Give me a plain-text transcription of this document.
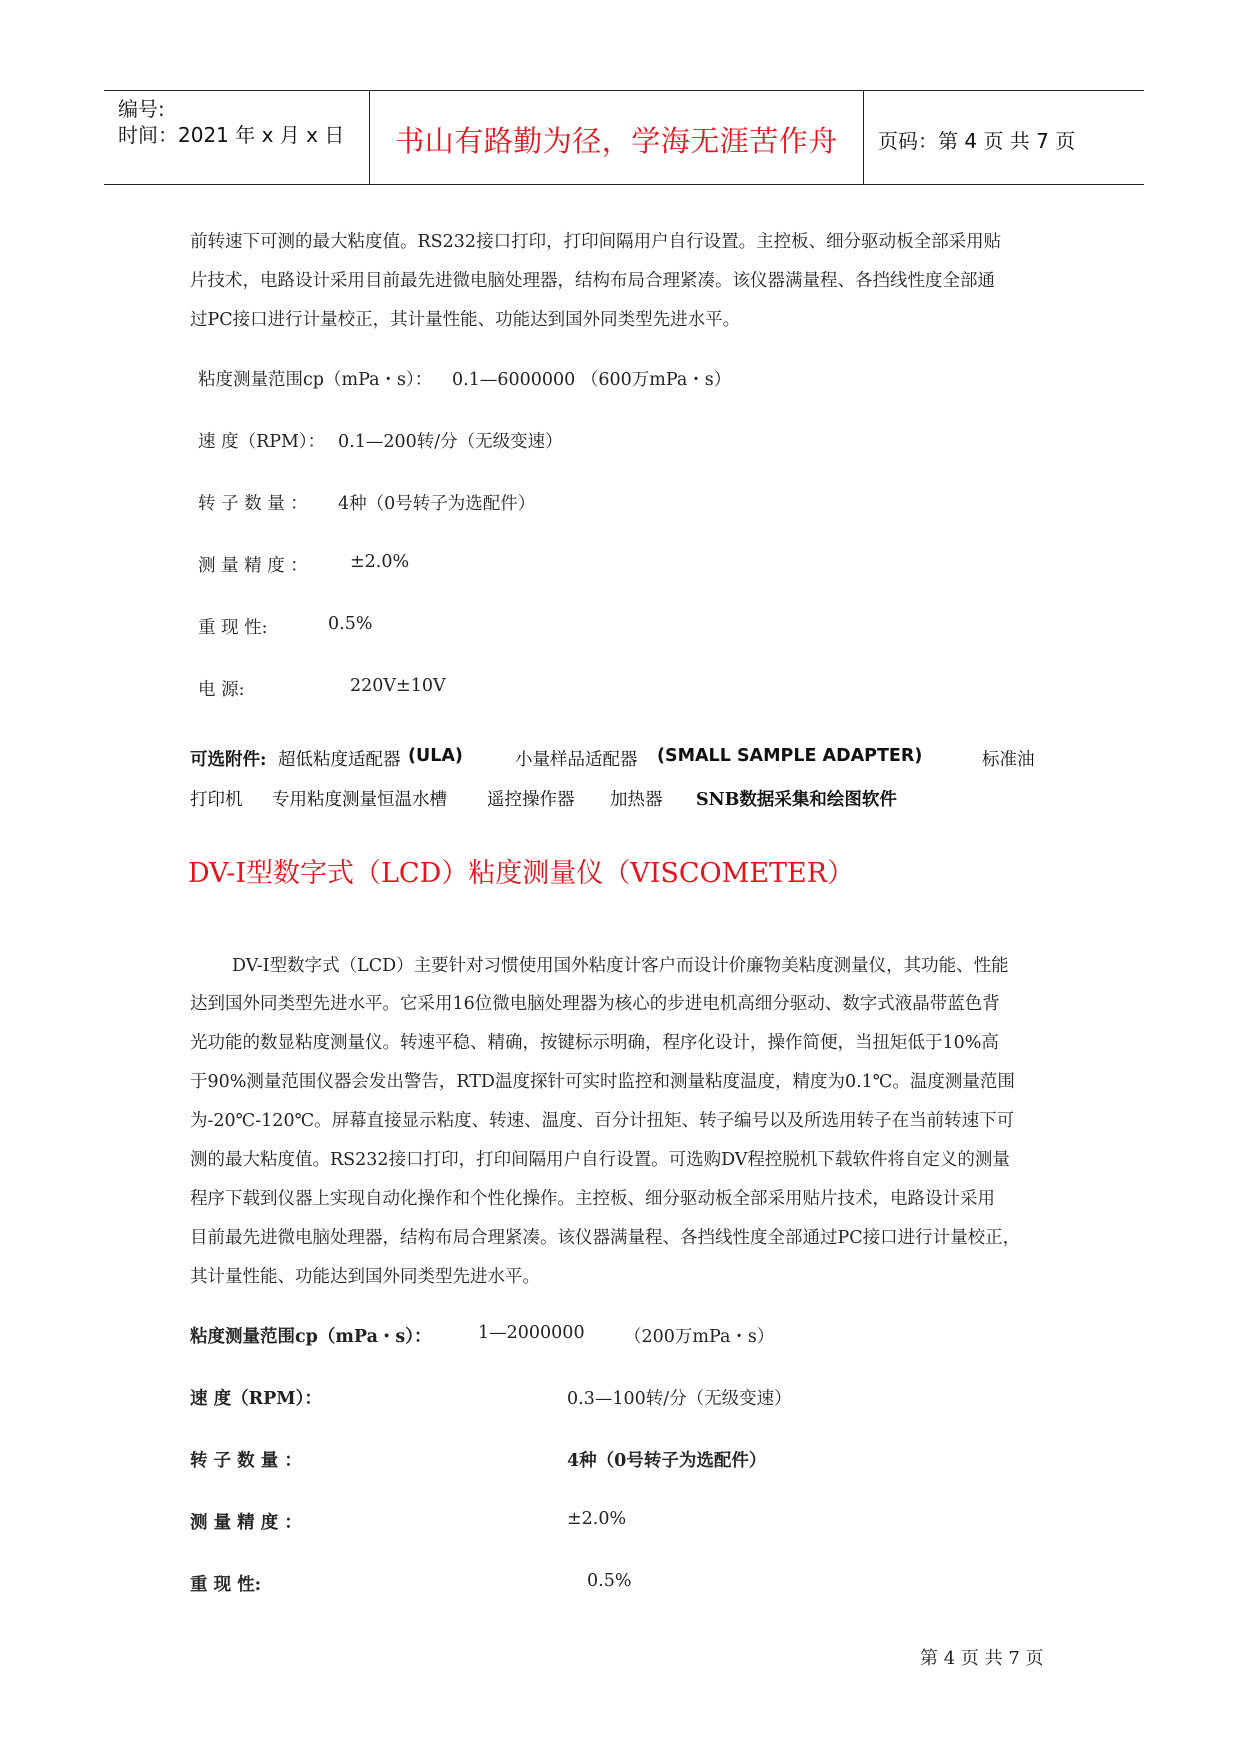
编号:
时间：2021 年 x 月 x 日	书山有路勤为径，学海无涯苦作舟	页码：第 4 页 共 7 页
前转速下可测的最大粘度值。RS232接口打印，打印间隔用户自行设置。主控板、细分驱动板全部采用贴
片技术，电路设计采用目前最先进微电脑处理器，结构布局合理紧凑。该仪器满量程、各挡线性度全部通
过PC接口进行计量校正，其计量性能、功能达到国外同类型先进水平。
粘度测量范围cp（mPa・s）： 0.1—6000000 （600万mPa・s）
速 度（RPM）： 0.1—200转/分（无级变速）
转 子 数 量 ： 4种（0号转子为选配件）
测 量 精 度 ： ±2.0%
重 现 性:	0.5%
电 源:	220V±10V
可选附件: 超低粘度适配器 (ULA)	小量样品适配器 (SMALL SAMPLE ADAPTER)	标准油
打印机 专用粘度测量恒温水槽 遥控操作器 加热器 SNB数据采集和绘图软件
DV-Ⅰ型数字式（LCD）粘度测量仪（VISCOMETER）
DV-Ⅰ型数字式（LCD）主要针对习惯使用国外粘度计客户而设计价廉物美粘度测量仪，其功能、性能
达到国外同类型先进水平。它采用16位微电脑处理器为核心的步进电机高细分驱动、数字式液晶带蓝色背
光功能的数显粘度测量仪。转速平稳、精确，按键标示明确，程序化设计，操作简便，当扭矩低于10%高
于90%测量范围仪器会发出警告，RTD温度探针可实时监控和测量粘度温度，精度为0.1℃。温度测量范围
为-20℃-120℃。屏幕直接显示粘度、转速、温度、百分计扭矩、转子编号以及所选用转子在当前转速下可
测的最大粘度值。RS232接口打印，打印间隔用户自行设置。可选购DV程控脱机下载软件将自定义的测量
程序下载到仪器上实现自动化操作和个性化操作。主控板、细分驱动板全部采用贴片技术，电路设计采用
目前最先进微电脑处理器，结构布局合理紧凑。该仪器满量程、各挡线性度全部通过PC接口进行计量校正，
其计量性能、功能达到国外同类型先进水平。
粘度测量范围cp（mPa・s）：	1—2000000 （200万mPa・s）
速 度（RPM）：	0.3—100转/分（无级变速）
转 子 数 量 ：	4种（0号转子为选配件）
测 量 精 度 ：	±2.0%
重 现 性:	0.5%
第 4 页 共 7 页
